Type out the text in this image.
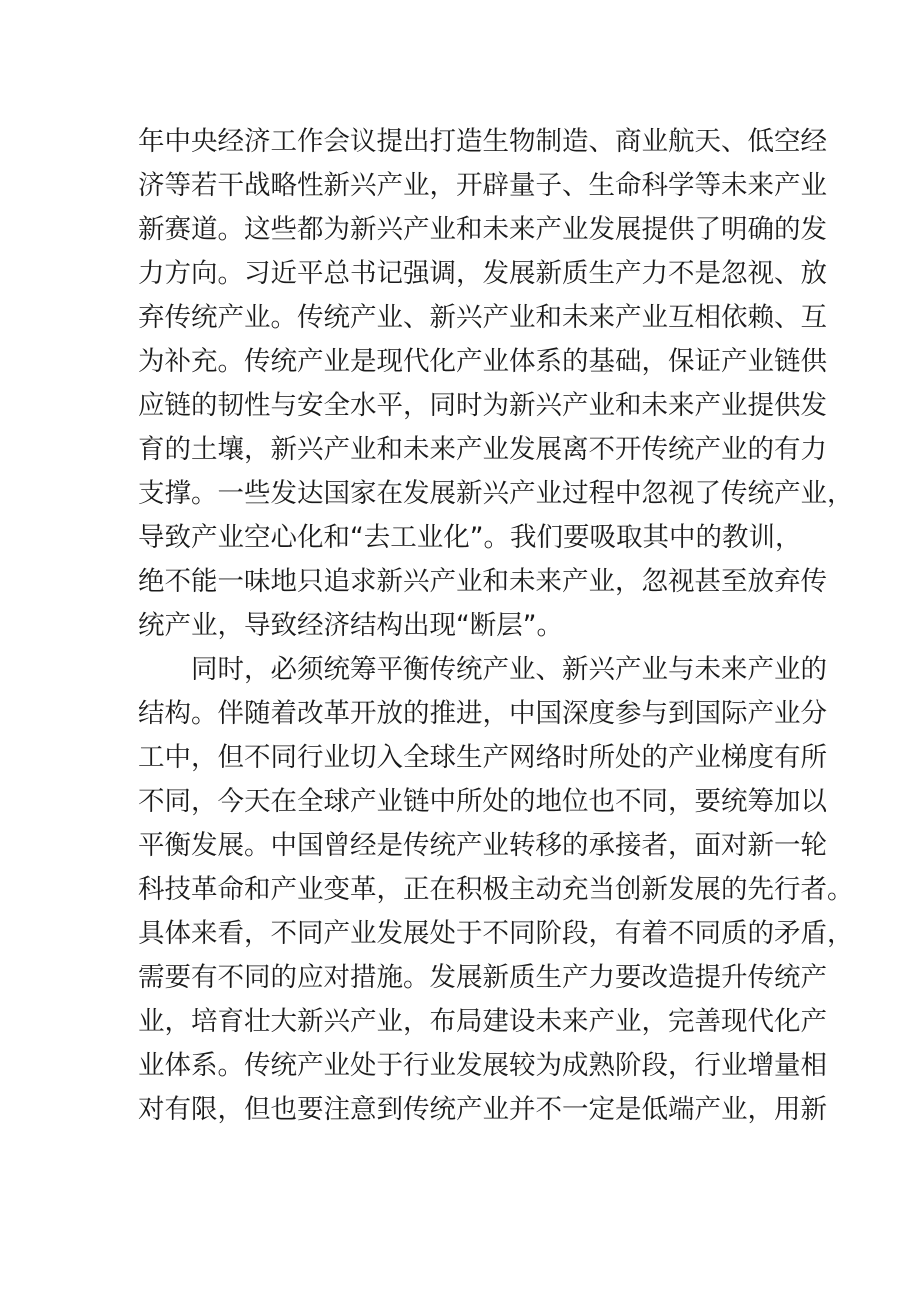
年中央经济工作会议提出打造生物制造、商业航天、低空经
济等若干战略性新兴产业，开辟量子、生命科学等未来产业
新赛道。这些都为新兴产业和未来产业发展提供了明确的发
力方向。习近平总书记强调，发展新质生产力不是忽视、放
弃传统产业。传统产业、新兴产业和未来产业互相依赖、互
为补充。传统产业是现代化产业体系的基础，保证产业链供
应链的韧性与安全水平，同时为新兴产业和未来产业提供发
育的土壤，新兴产业和未来产业发展离不开传统产业的有力
支撑。一些发达国家在发展新兴产业过程中忽视了传统产业，
导致产业空心化和“去工业化”。我们要吸取其中的教训，
绝不能一味地只追求新兴产业和未来产业，忽视甚至放弃传
统产业，导致经济结构出现“断层”。
同时，必须统筹平衡传统产业、新兴产业与未来产业的
结构。伴随着改革开放的推进，中国深度参与到国际产业分
工中，但不同行业切入全球生产网络时所处的产业梯度有所
不同，今天在全球产业链中所处的地位也不同，要统筹加以
平衡发展。中国曾经是传统产业转移的承接者，面对新一轮
科技革命和产业变革，正在积极主动充当创新发展的先行者。
具体来看，不同产业发展处于不同阶段，有着不同质的矛盾，
需要有不同的应对措施。发展新质生产力要改造提升传统产
业，培育壮大新兴产业，布局建设未来产业，完善现代化产
业体系。传统产业处于行业发展较为成熟阶段，行业增量相
对有限，但也要注意到传统产业并不一定是低端产业，用新
